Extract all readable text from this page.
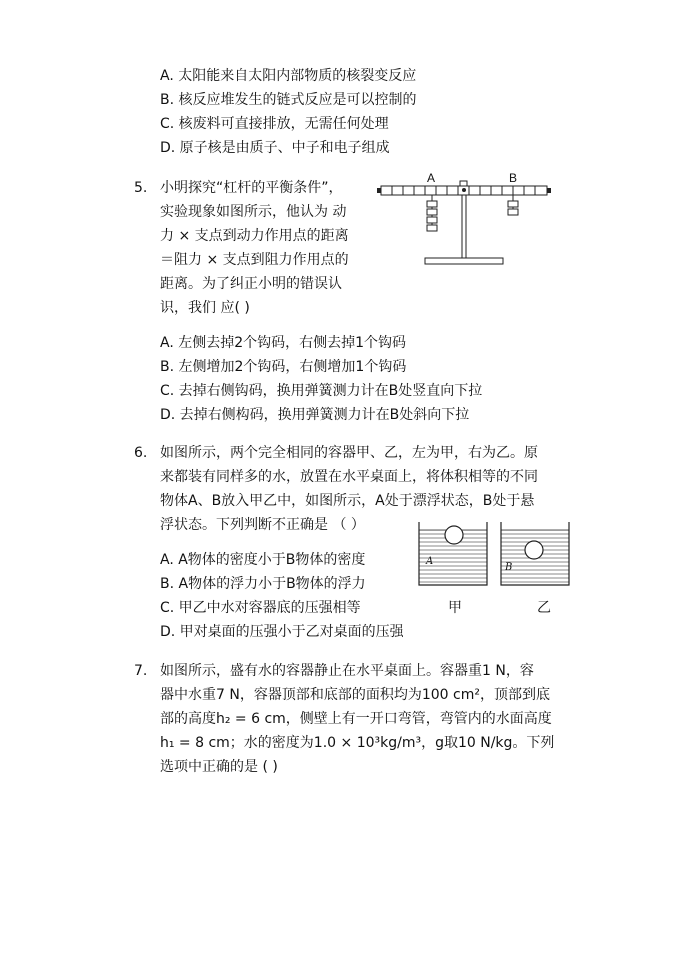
A. 太阳能来自太阳内部物质的核裂变反应
B. 核反应堆发生的链式反应是可以控制的
C. 核废料可直接排放，无需任何处理
D. 原子核是由质子、中子和电子组成
5. 小明探究“杠杆的平衡条件”，
实验现象如图所示，他认为 动
力 × 支点到动力作用点的距离
＝阻力 × 支点到阻力作用点的
距离。为了纠正小明的错误认
识，我们 应( )
A	B
A. 左侧去掉2个钩码，右侧去掉1个钩码
B. 左侧增加2个钩码，右侧增加1个钩码
C. 去掉右侧钩码，换用弹簧测力计在B处竖直向下拉
D. 去掉右侧构码，换用弹簧测力计在B处斜向下拉
6. 如图所示，两个完全相同的容器甲、乙，左为甲，右为乙。原
来都装有同样多的水，放置在水平桌面上，将体积相等的不同
物体A、B放入甲乙中，如图所示，A处于漂浮状态，B处于悬
浮状态。下列判断不正确是 （ ）
A. A物体的密度小于B物体的密度
B. A物体的浮力小于B物体的浮力
C. 甲乙中水对容器底的压强相等
D. 甲对桌面的压强小于乙对桌面的压强
A
B
甲	乙
7. 如图所示，盛有水的容器静止在水平桌面上。容器重1 N，容
器中水重7 N，容器顶部和底部的面积均为100 cm²，顶部到底
部的高度h₂ = 6 cm，侧壁上有一开口弯管，弯管内的水面高度
h₁ = 8 cm；水的密度为1.0 × 10³kg/m³，g取10 N/kg。下列
选项中正确的是 ( )
